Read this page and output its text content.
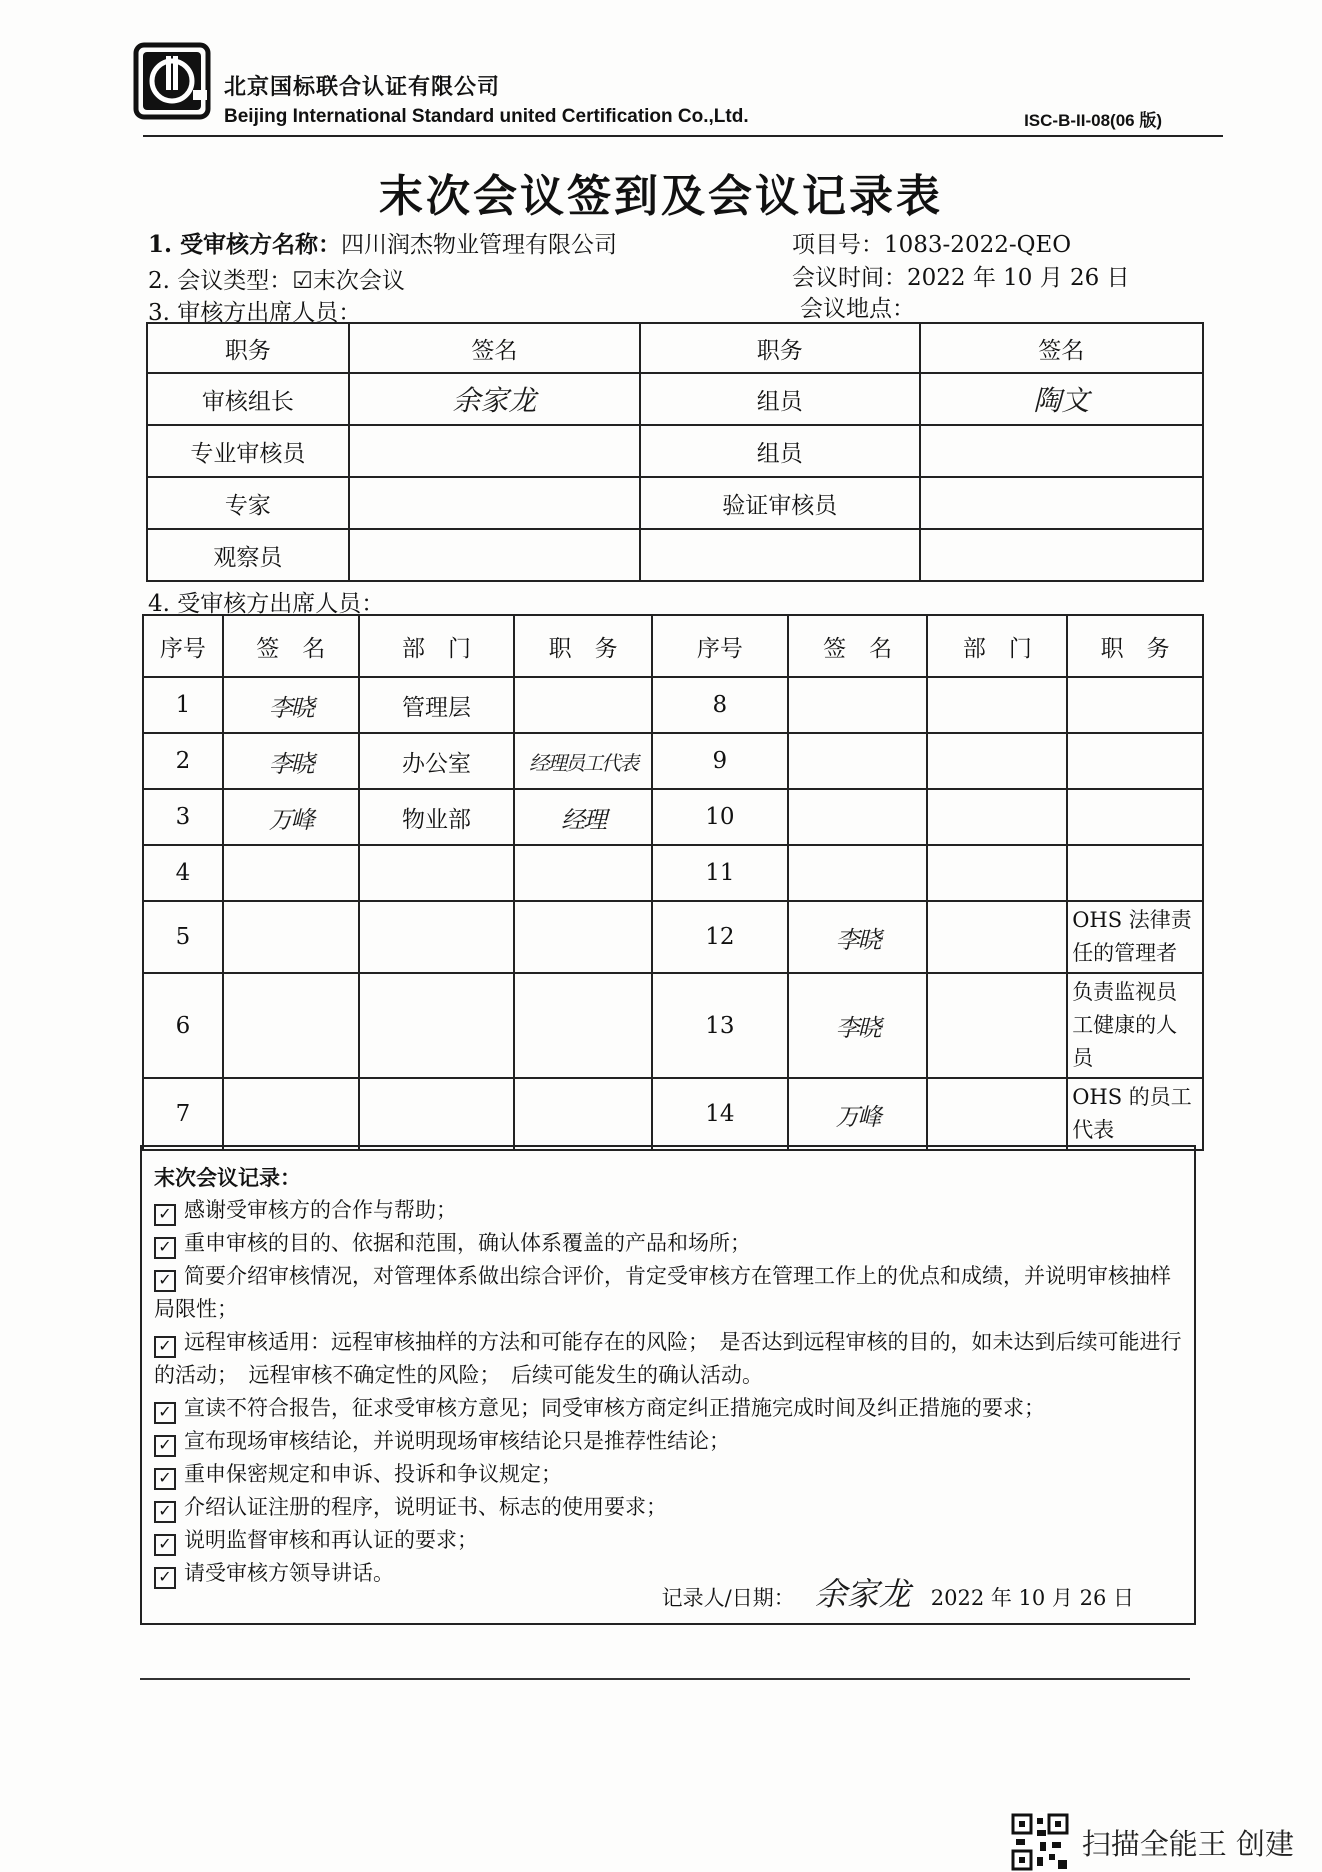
北京国标联合认证有限公司
Beijing International Standard united Certification Co.,Ltd.	ISC-B-II-08(06 版)
末次会议签到及会议记录表
1. 受审核方名称：四川润杰物业管理有限公司	项目号：1083-2022-QEO
2. 会议类型：☑末次会议	会议时间：2022 年 10 月 26 日
3. 审核方出席人员：	会议地点：
职务	签名	职务	签名
审核组长	余家龙	组员	陶文
专业审核员		组员	
专家		验证审核员	
观察员			
4. 受审核方出席人员：
序号	签　名	部　门	职　务	序号	签　名	部　门	职　务
1	李晓	管理层		8			
2	李晓	办公室	经理员工代表	9			
3	万峰	物业部	经理	10			
4				11			
5				12	李晓		OHS 法律责任的管理者
6				13	李晓		负责监视员工健康的人员
7				14	万峰		OHS 的员工代表
末次会议记录：

✓ 感谢受审核方的合作与帮助；

✓ 重申审核的目的、依据和范围，确认体系覆盖的产品和场所；

✓ 简要介绍审核情况，对管理体系做出综合评价，肯定受审核方在管理工作上的优点和成绩，并说明审核抽样局限性；

✓ 远程审核适用：远程审核抽样的方法和可能存在的风险；　是否达到远程审核的目的，如未达到后续可能进行的活动；　远程审核不确定性的风险；　后续可能发生的确认活动。

✓ 宣读不符合报告，征求受审核方意见；同受审核方商定纠正措施完成时间及纠正措施的要求；

✓ 宣布现场审核结论，并说明现场审核结论只是推荐性结论；

✓ 重申保密规定和申诉、投诉和争议规定；

✓ 介绍认证注册的程序，说明证书、标志的使用要求；

✓ 说明监督审核和再认证的要求；

✓ 请受审核方领导讲话。

记录人/日期： 余家龙 2022 年 10 月 26 日
扫描全能王 创建
